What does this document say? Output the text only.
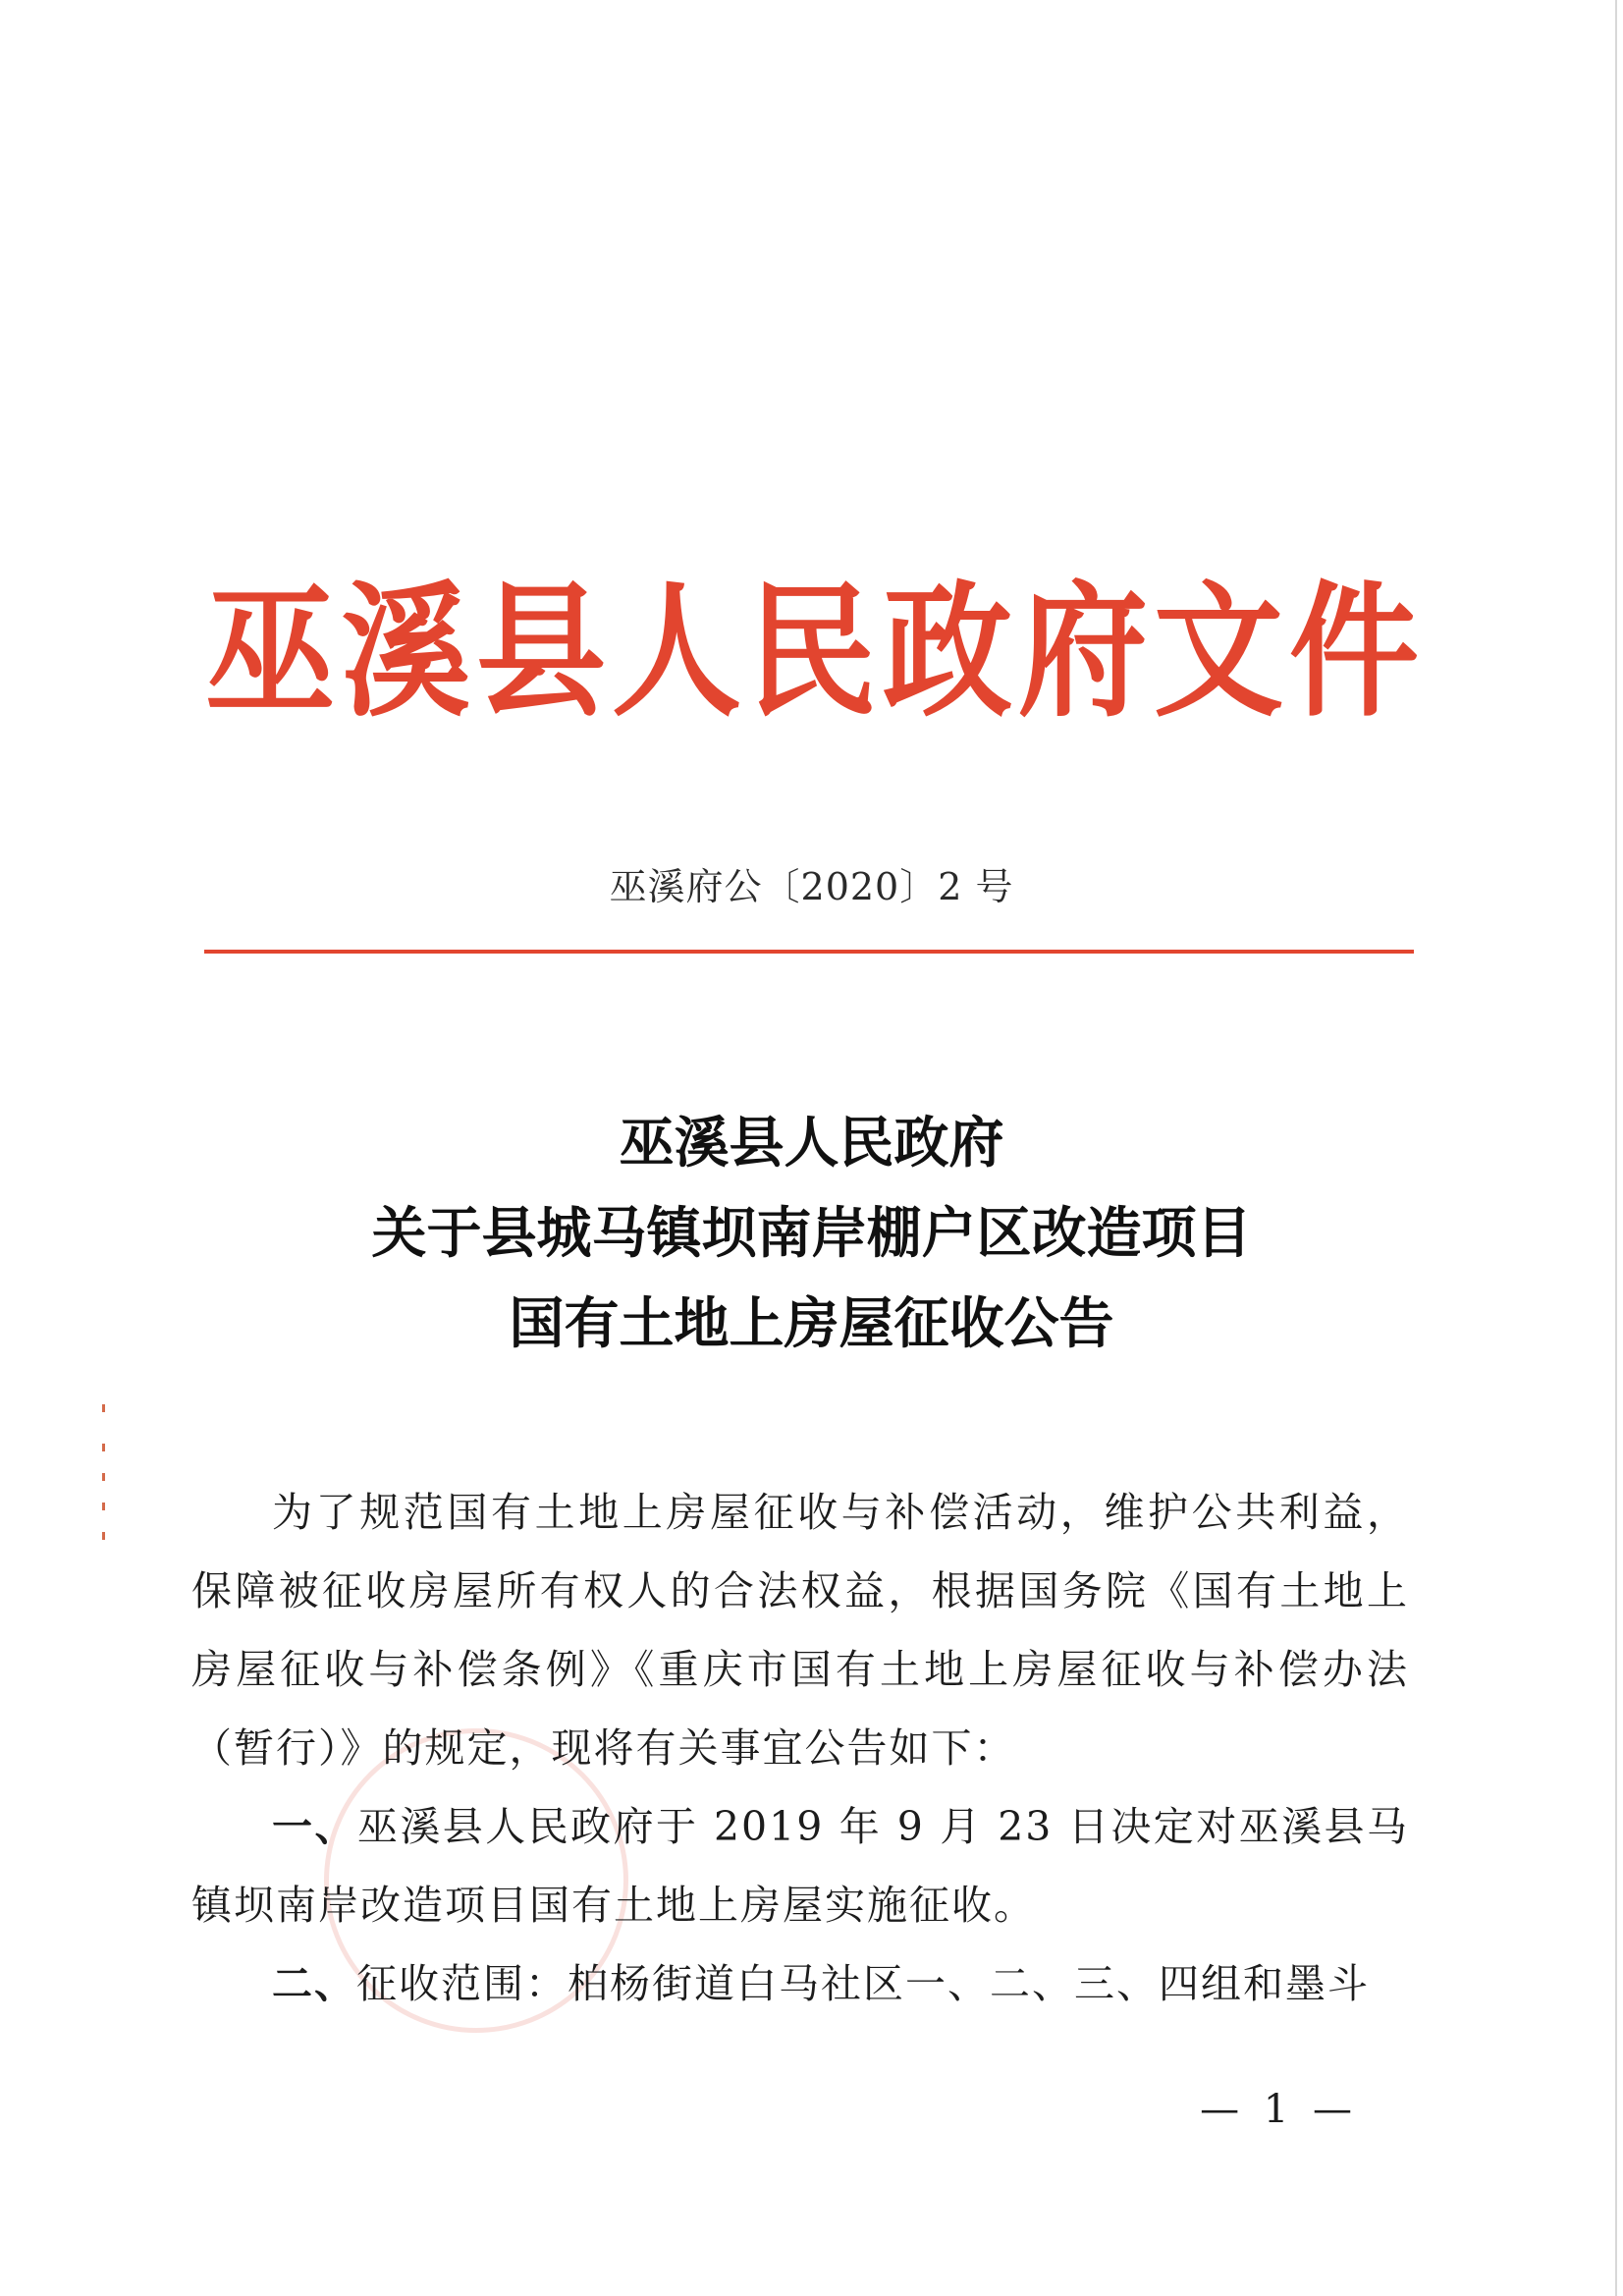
巫溪县人民政府文件
巫溪府公〔2020〕2 号
巫溪县人民政府
关于县城马镇坝南岸棚户区改造项目
国有土地上房屋征收公告

为了规范国有土地上房屋征收与补偿活动，维护公共利益，保障被征收房屋所有权人的合法权益，根据国务院《国有土地上房屋征收与补偿条例》《重庆市国有土地上房屋征收与补偿办法（暂行）》的规定，现将有关事宜公告如下：

一、巫溪县人民政府于 2019 年 9 月 23 日决定对巫溪县马镇坝南岸改造项目国有土地上房屋实施征收。

二、征收范围：柏杨街道白马社区一、二、三、四组和墨斗

— 1 —
